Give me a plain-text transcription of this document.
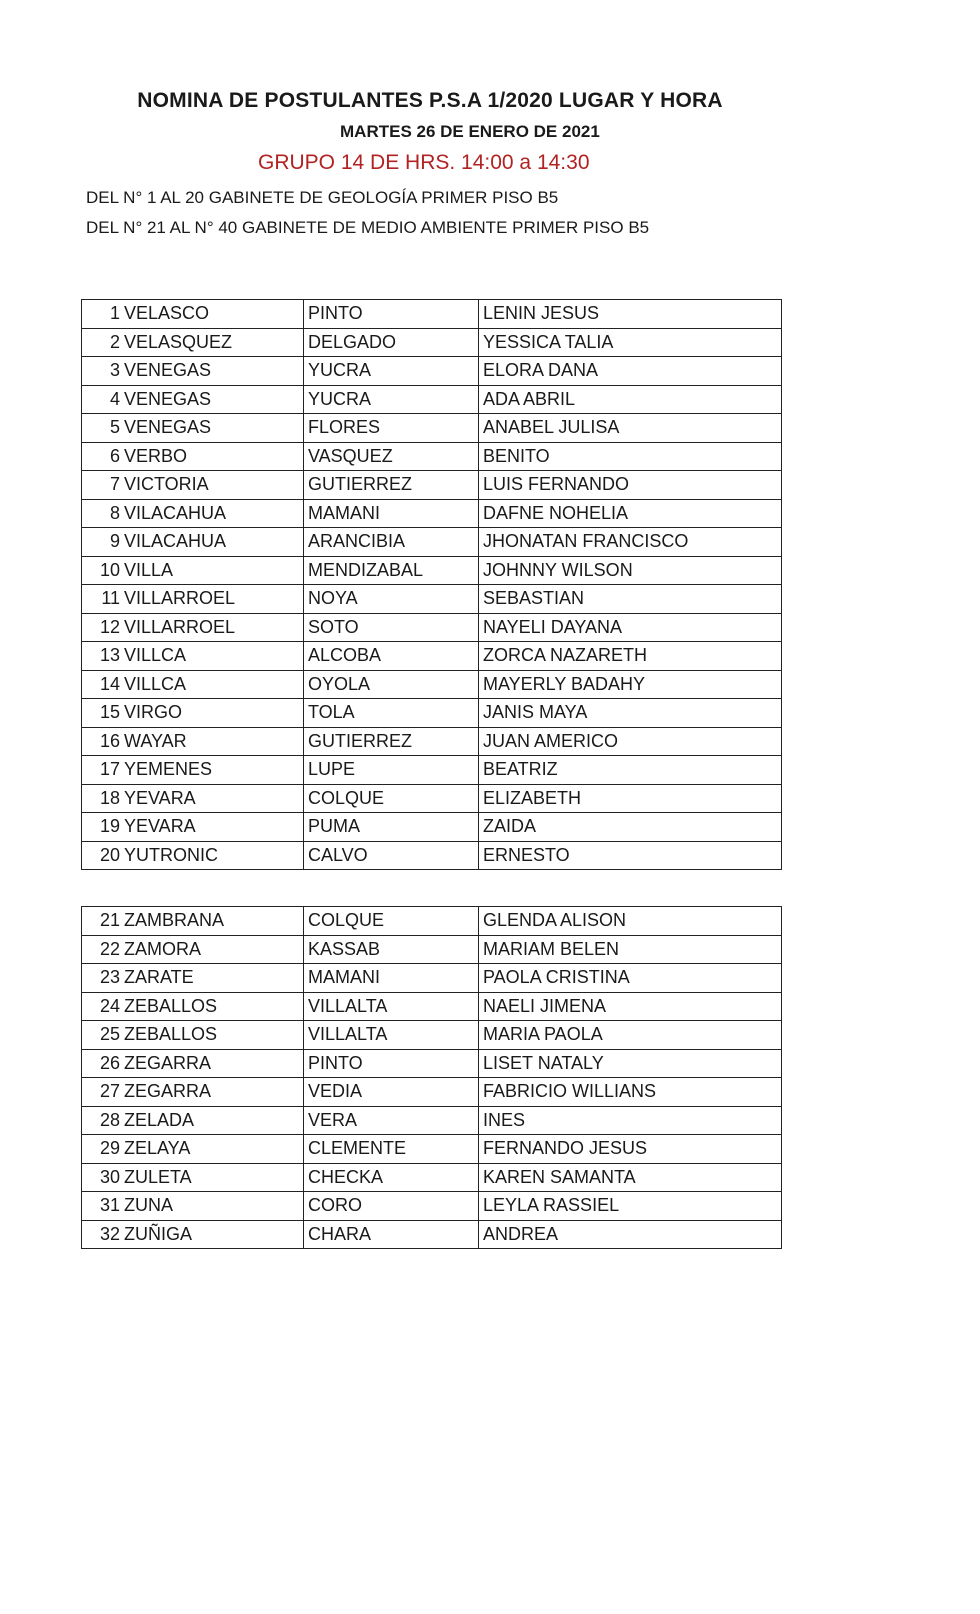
NOMINA DE POSTULANTES P.S.A 1/2020 LUGAR Y HORA
MARTES 26 DE ENERO DE 2021
GRUPO 14 DE HRS. 14:00 a 14:30
DEL N° 1 AL 20 GABINETE DE GEOLOGÍA PRIMER PISO B5
DEL N° 21 AL N° 40 GABINETE DE MEDIO AMBIENTE PRIMER PISO B5
1	VELASCO	PINTO	LENIN JESUS
2	VELASQUEZ	DELGADO	YESSICA TALIA
3	VENEGAS	YUCRA	ELORA DANA
4	VENEGAS	YUCRA	ADA ABRIL
5	VENEGAS	FLORES	ANABEL JULISA
6	VERBO	VASQUEZ	BENITO
7	VICTORIA	GUTIERREZ	LUIS FERNANDO
8	VILACAHUA	MAMANI	DAFNE NOHELIA
9	VILACAHUA	ARANCIBIA	JHONATAN FRANCISCO
10	VILLA	MENDIZABAL	JOHNNY WILSON
11	VILLARROEL	NOYA	SEBASTIAN
12	VILLARROEL	SOTO	NAYELI DAYANA
13	VILLCA	ALCOBA	ZORCA NAZARETH
14	VILLCA	OYOLA	MAYERLY BADAHY
15	VIRGO	TOLA	JANIS MAYA
16	WAYAR	GUTIERREZ	JUAN AMERICO
17	YEMENES	LUPE	BEATRIZ
18	YEVARA	COLQUE	ELIZABETH
19	YEVARA	PUMA	ZAIDA
20	YUTRONIC	CALVO	ERNESTO
21	ZAMBRANA	COLQUE	GLENDA ALISON
22	ZAMORA	KASSAB	MARIAM BELEN
23	ZARATE	MAMANI	PAOLA CRISTINA
24	ZEBALLOS	VILLALTA	NAELI JIMENA
25	ZEBALLOS	VILLALTA	MARIA PAOLA
26	ZEGARRA	PINTO	LISET NATALY
27	ZEGARRA	VEDIA	FABRICIO WILLIANS
28	ZELADA	VERA	INES
29	ZELAYA	CLEMENTE	FERNANDO JESUS
30	ZULETA	CHECKA	KAREN SAMANTA
31	ZUNA	CORO	LEYLA RASSIEL
32	ZUÑIGA	CHARA	ANDREA
